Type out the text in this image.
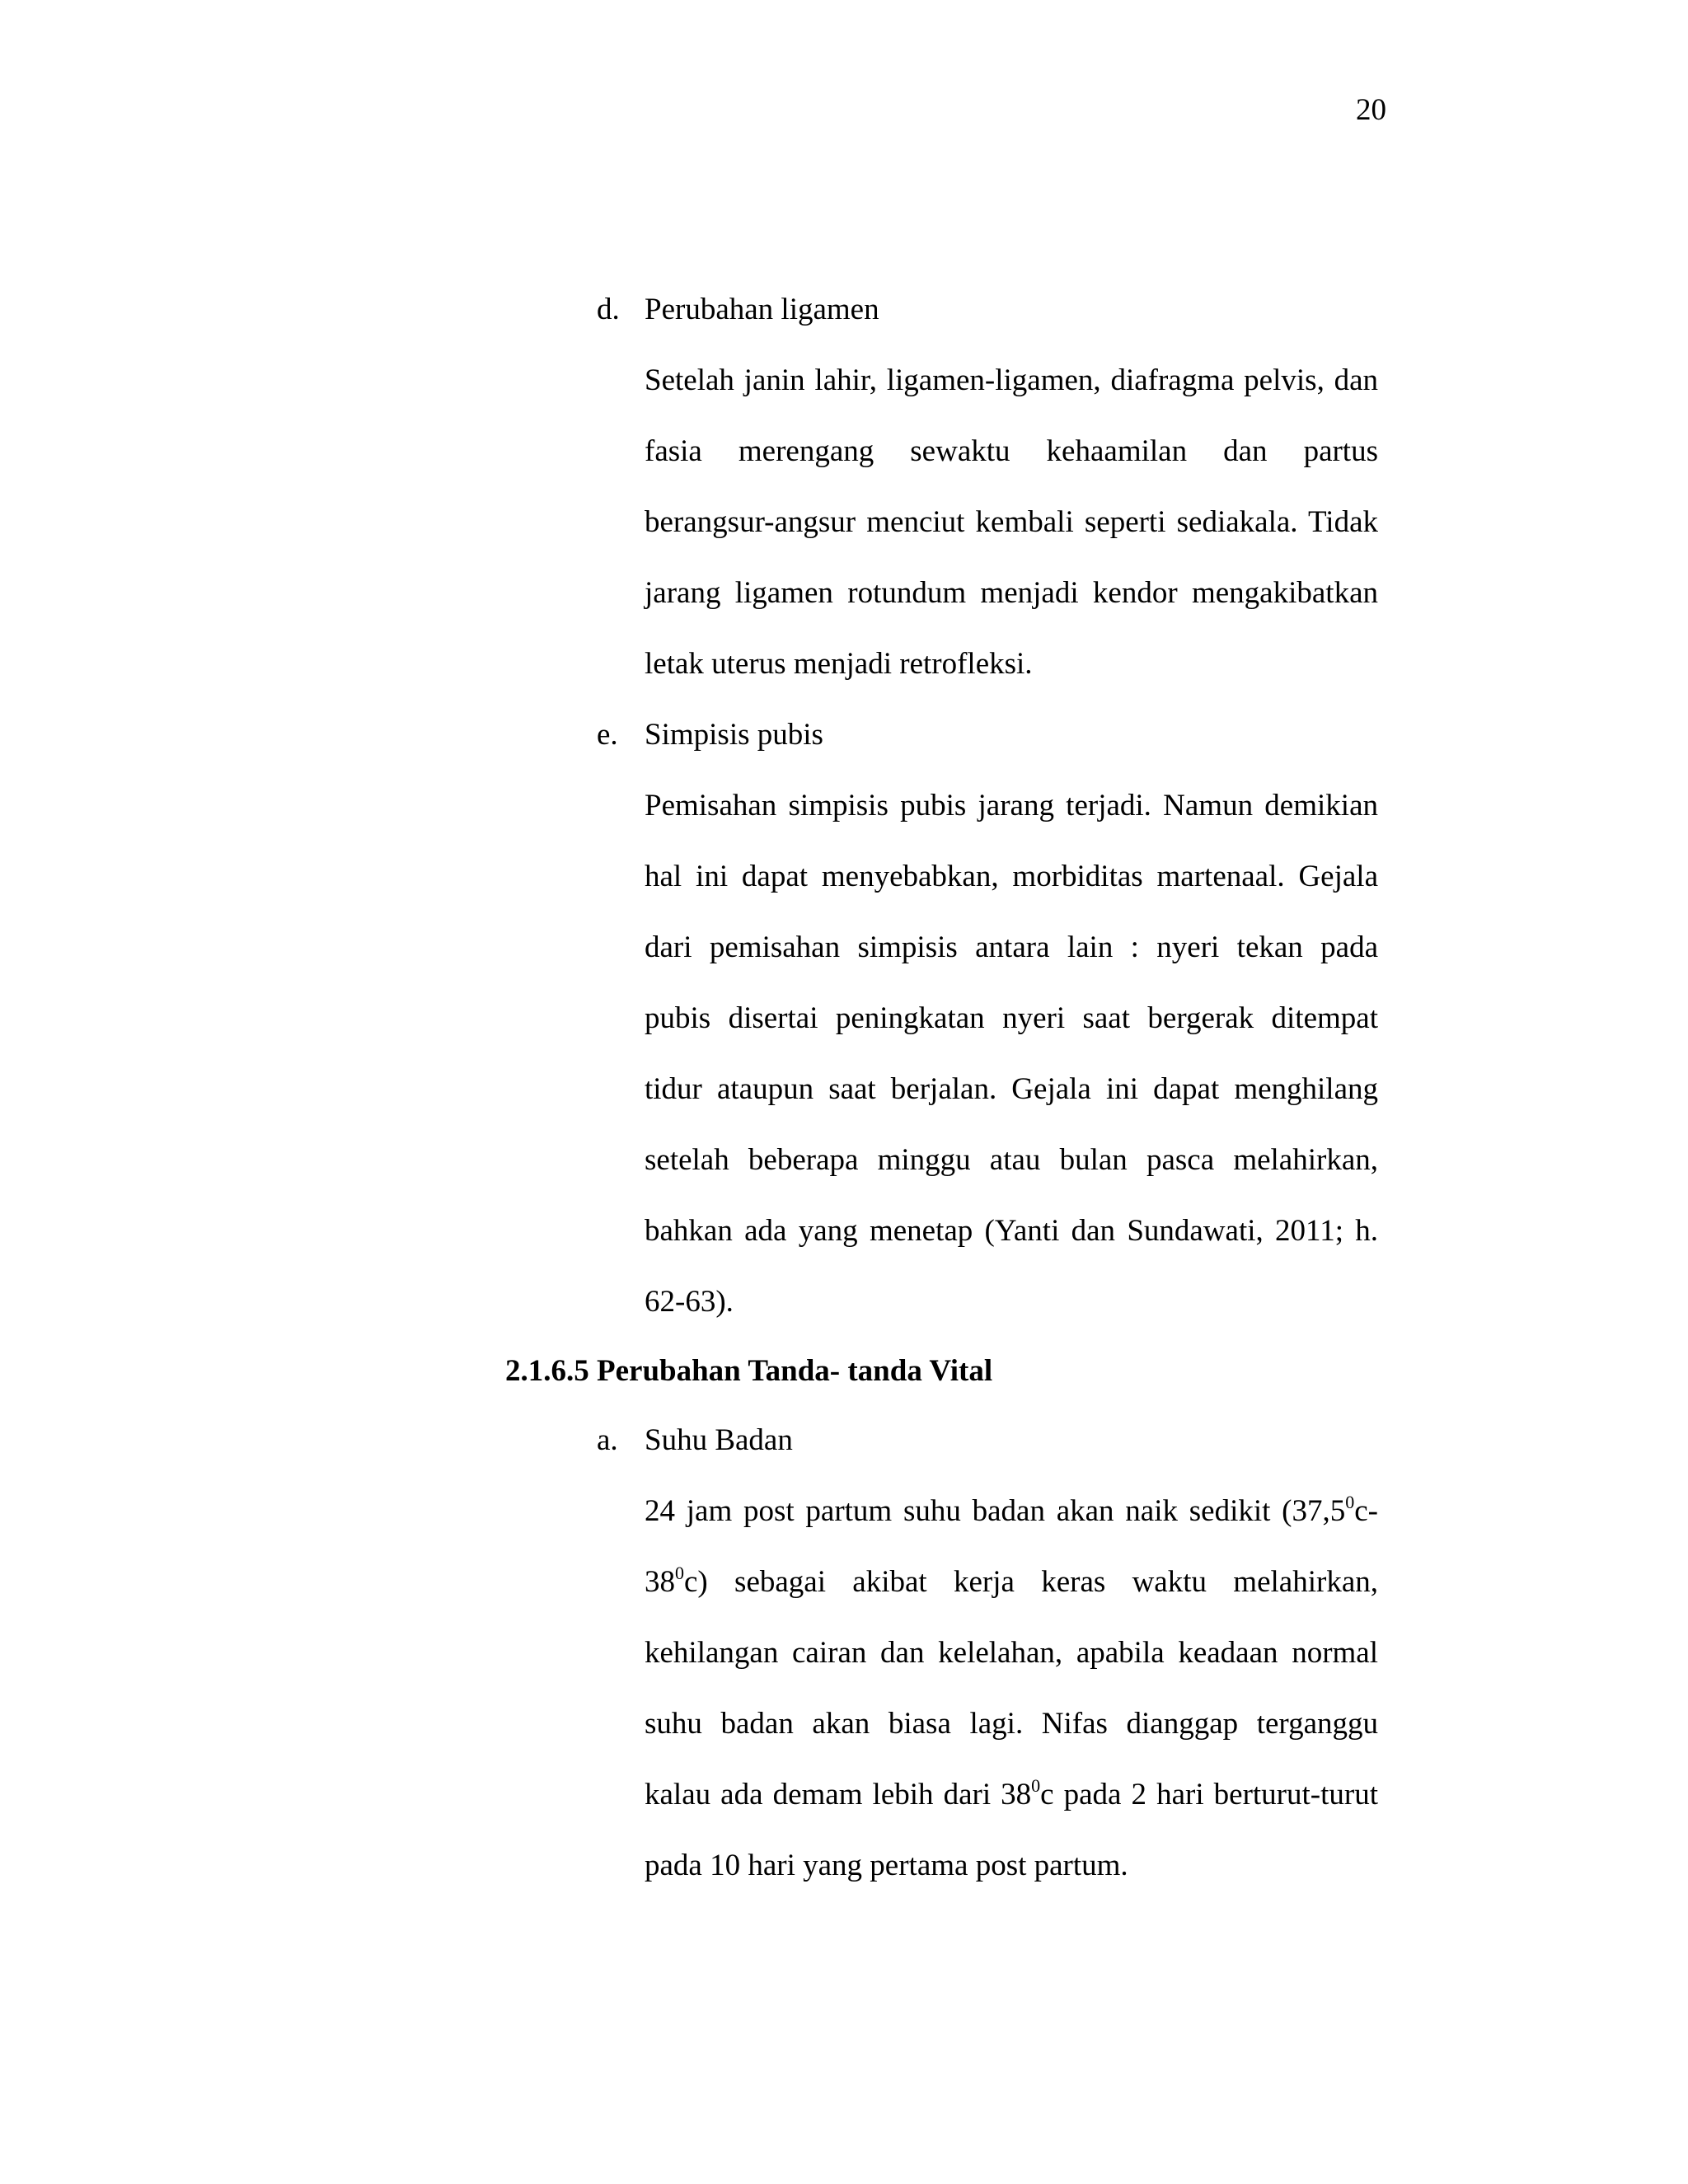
20
d. Perubahan ligamen
Setelah janin lahir, ligamen-ligamen, diafragma pelvis, dan
fasia merengang sewaktu kehaamilan dan partus
berangsur-angsur menciut kembali seperti sediakala. Tidak
jarang ligamen rotundum menjadi kendor mengakibatkan
letak uterus menjadi retrofleksi.
e. Simpisis pubis
Pemisahan simpisis pubis jarang terjadi. Namun demikian
hal ini dapat menyebabkan, morbiditas martenaal. Gejala
dari pemisahan simpisis antara lain : nyeri tekan pada
pubis disertai peningkatan nyeri saat bergerak ditempat
tidur ataupun saat berjalan. Gejala ini dapat menghilang
setelah beberapa minggu atau bulan pasca melahirkan,
bahkan ada yang menetap (Yanti dan Sundawati, 2011; h.
62-63).
2.1.6.5 Perubahan Tanda- tanda Vital
a. Suhu Badan
24 jam post partum suhu badan akan naik sedikit (37,5$^0$c-
$38^0c$) sebagai akibat kerja keras waktu melahirkan,
kehilangan cairan dan kelelahan, apabila keadaan normal
suhu badan akan biasa lagi. Nifas dianggap terganggu
kalau ada demam lebih dari $38^0c$ pada 2 hari berturut-turut
pada 10 hari yang pertama post partum.
